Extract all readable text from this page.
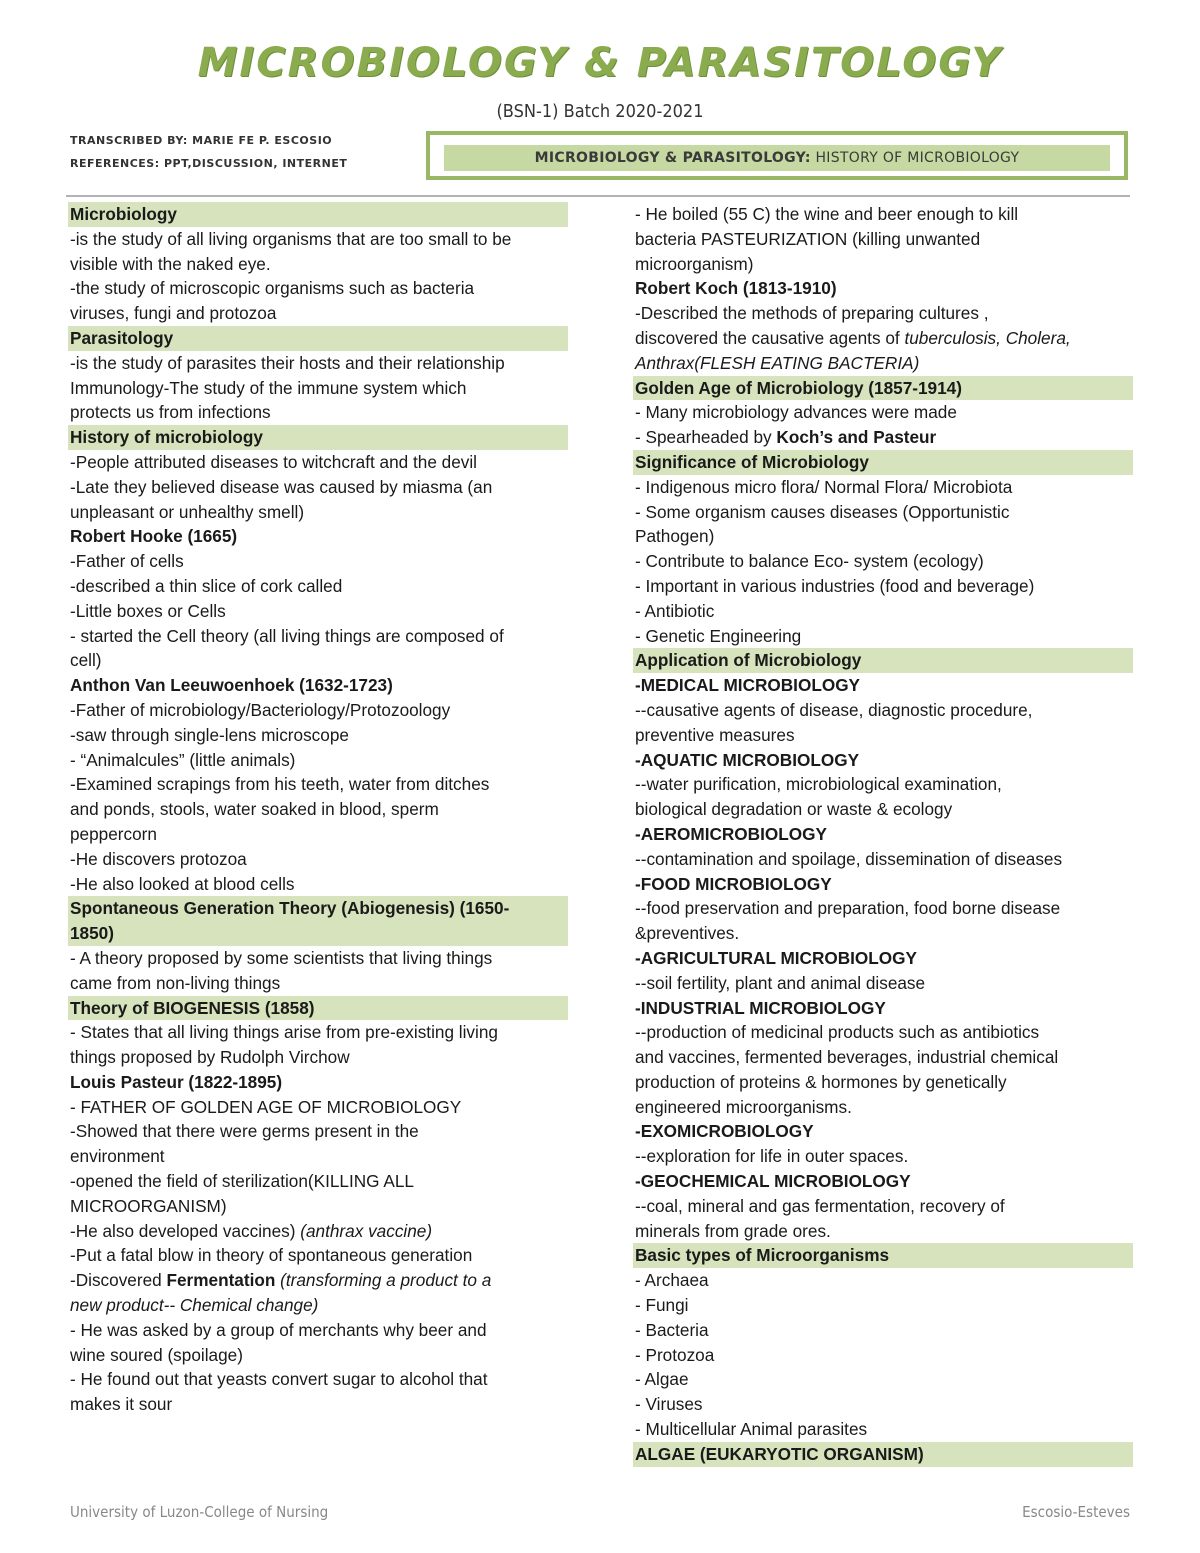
MICROBIOLOGY & PARASITOLOGY
(BSN-1) Batch 2020-2021
TRANSCRIBED BY: MARIE FE P. ESCOSIO
REFERENCES: PPT,DISCUSSION, INTERNET	MICROBIOLOGY & PARASITOLOGY: HISTORY OF MICROBIOLOGY
Microbiology
-is the study of all living organisms that are too small to be
visible with the naked eye.
-the study of microscopic organisms such as bacteria
viruses, fungi and protozoa
Parasitology
-is the study of parasites their hosts and their relationship
Immunology-The study of the immune system which
protects us from infections
History of microbiology
-People attributed diseases to witchcraft and the devil
-Late they believed disease was caused by miasma (an
unpleasant or unhealthy smell)
Robert Hooke (1665)
-Father of cells
-described a thin slice of cork called
-Little boxes or Cells
- started the Cell theory (all living things are composed of
cell)
Anthon Van Leeuwoenhoek (1632-1723)
-Father of microbiology/Bacteriology/Protozoology
-saw through single-lens microscope
- “Animalcules” (little animals)
-Examined scrapings from his teeth, water from ditches
and ponds, stools, water soaked in blood, sperm
peppercorn
-He discovers protozoa
-He also looked at blood cells
Spontaneous Generation Theory (Abiogenesis) (1650-
1850)
- A theory proposed by some scientists that living things
came from non-living things
Theory of BIOGENESIS (1858)
- States that all living things arise from pre-existing living
things proposed by Rudolph Virchow
Louis Pasteur (1822-1895)
- FATHER OF GOLDEN AGE OF MICROBIOLOGY
-Showed that there were germs present in the
environment
-opened the field of sterilization(KILLING ALL
MICROORGANISM)
-He also developed vaccines) (anthrax vaccine)
-Put a fatal blow in theory of spontaneous generation
-Discovered Fermentation (transforming a product to a
new product-- Chemical change)
- He was asked by a group of merchants why beer and
wine soured (spoilage)
- He found out that yeasts convert sugar to alcohol that
makes it sour
- He boiled (55 C) the wine and beer enough to kill
bacteria PASTEURIZATION (killing unwanted
microorganism)
Robert Koch (1813-1910)
-Described the methods of preparing cultures ,
discovered the causative agents of tuberculosis, Cholera,
Anthrax(FLESH EATING BACTERIA)
Golden Age of Microbiology (1857-1914)
- Many microbiology advances were made
- Spearheaded by Koch’s and Pasteur
Significance of Microbiology
- Indigenous micro flora/ Normal Flora/ Microbiota
- Some organism causes diseases (Opportunistic
Pathogen)
- Contribute to balance Eco- system (ecology)
- Important in various industries (food and beverage)
- Antibiotic
- Genetic Engineering
Application of Microbiology
-MEDICAL MICROBIOLOGY
--causative agents of disease, diagnostic procedure,
preventive measures
-AQUATIC MICROBIOLOGY
--water purification, microbiological examination,
biological degradation or waste & ecology
-AEROMICROBIOLOGY
--contamination and spoilage, dissemination of diseases
-FOOD MICROBIOLOGY
--food preservation and preparation, food borne disease
&preventives.
-AGRICULTURAL MICROBIOLOGY
--soil fertility, plant and animal disease
-INDUSTRIAL MICROBIOLOGY
--production of medicinal products such as antibiotics
and vaccines, fermented beverages, industrial chemical
production of proteins & hormones by genetically
engineered microorganisms.
-EXOMICROBIOLOGY
--exploration for life in outer spaces.
-GEOCHEMICAL MICROBIOLOGY
--coal, mineral and gas fermentation, recovery of
minerals from grade ores.
Basic types of Microorganisms
- Archaea
- Fungi
- Bacteria
- Protozoa
- Algae
- Viruses
- Multicellular Animal parasites
ALGAE (EUKARYOTIC ORGANISM)
University of Luzon-College of Nursing	Escosio-Esteves
